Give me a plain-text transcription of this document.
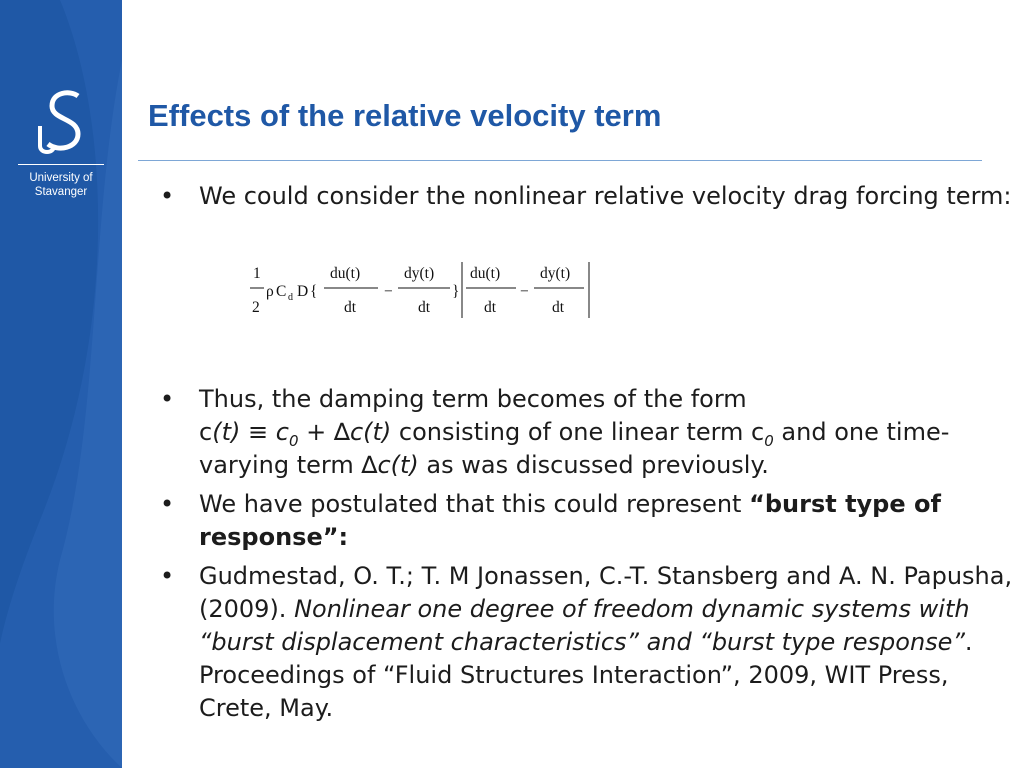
University of
Stavanger
Effects of the relative velocity term

• We could consider the nonlinear relative velocity drag forcing term:

• Thus, the damping term becomes of the form
$c(t) \equiv c_0 + \Delta c(t)$ consisting of one linear term $c_0$ and one time-varying term ∆c(t) as was discussed previously.

• We have postulated that this could represent “burst type of response”:

• Gudmestad, O. T.; T. M Jonassen, C.-T. Stansberg and A. N. Papusha, (2009). Nonlinear one degree of freedom dynamic systems with “burst displacement characteristics” and “burst type response”. Proceedings of “Fluid Structures Interaction”, 2009, WIT Press, Crete, May.

1
2
ρ C d D {
du(t)
dt
−
dy(t)
dt
}
du(t)
dt
−
dy(t)
dt
